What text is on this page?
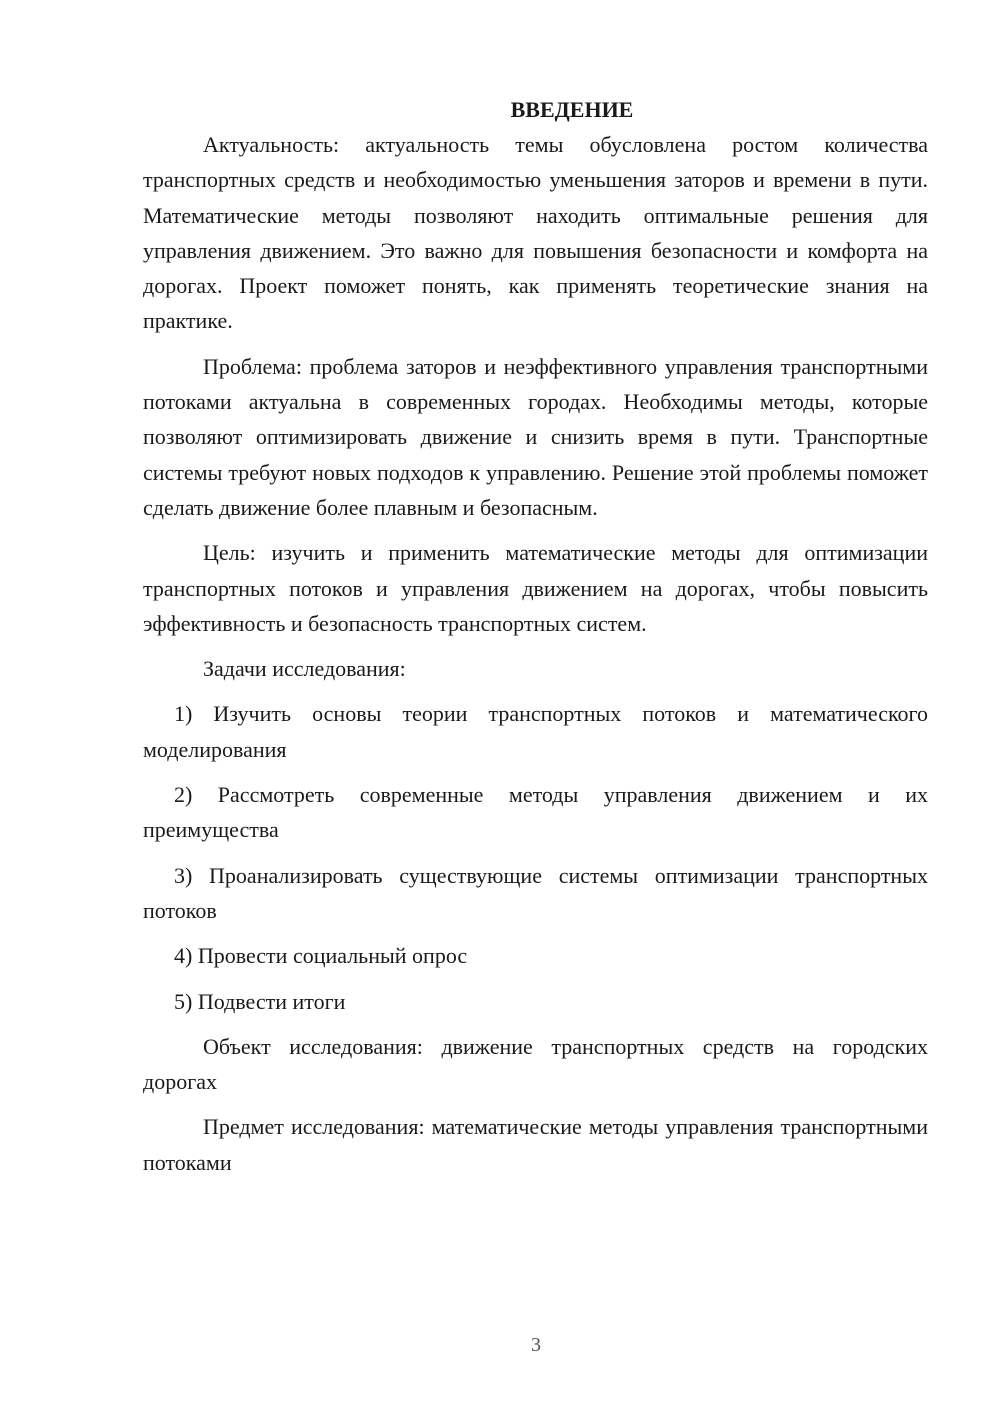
ВВЕДЕНИЕ

Актуальность: актуальность темы обусловлена ростом количества транспортных средств и необходимостью уменьшения заторов и времени в пути. Математические методы позволяют находить оптимальные решения для управления движением. Это важно для повышения безопасности и комфорта на дорогах. Проект поможет понять, как применять теоретические знания на практике.

Проблема: проблема заторов и неэффективного управления транспортными потоками актуальна в современных городах. Необходимы методы, которые позволяют оптимизировать движение и снизить время в пути. Транспортные системы требуют новых подходов к управлению. Решение этой проблемы поможет сделать движение более плавным и безопасным.

Цель: изучить и применить математические методы для оптимизации транспортных потоков и управления движением на дорогах, чтобы повысить эффективность и безопасность транспортных систем.

Задачи исследования:

1) Изучить основы теории транспортных потоков и математического моделирования

2) Рассмотреть современные методы управления движением и их преимущества

3) Проанализировать существующие системы оптимизации транспортных потоков

4) Провести социальный опрос

5) Подвести итоги

Объект исследования: движение транспортных средств на городских дорогах

Предмет исследования: математические методы управления транспортными потоками

3
